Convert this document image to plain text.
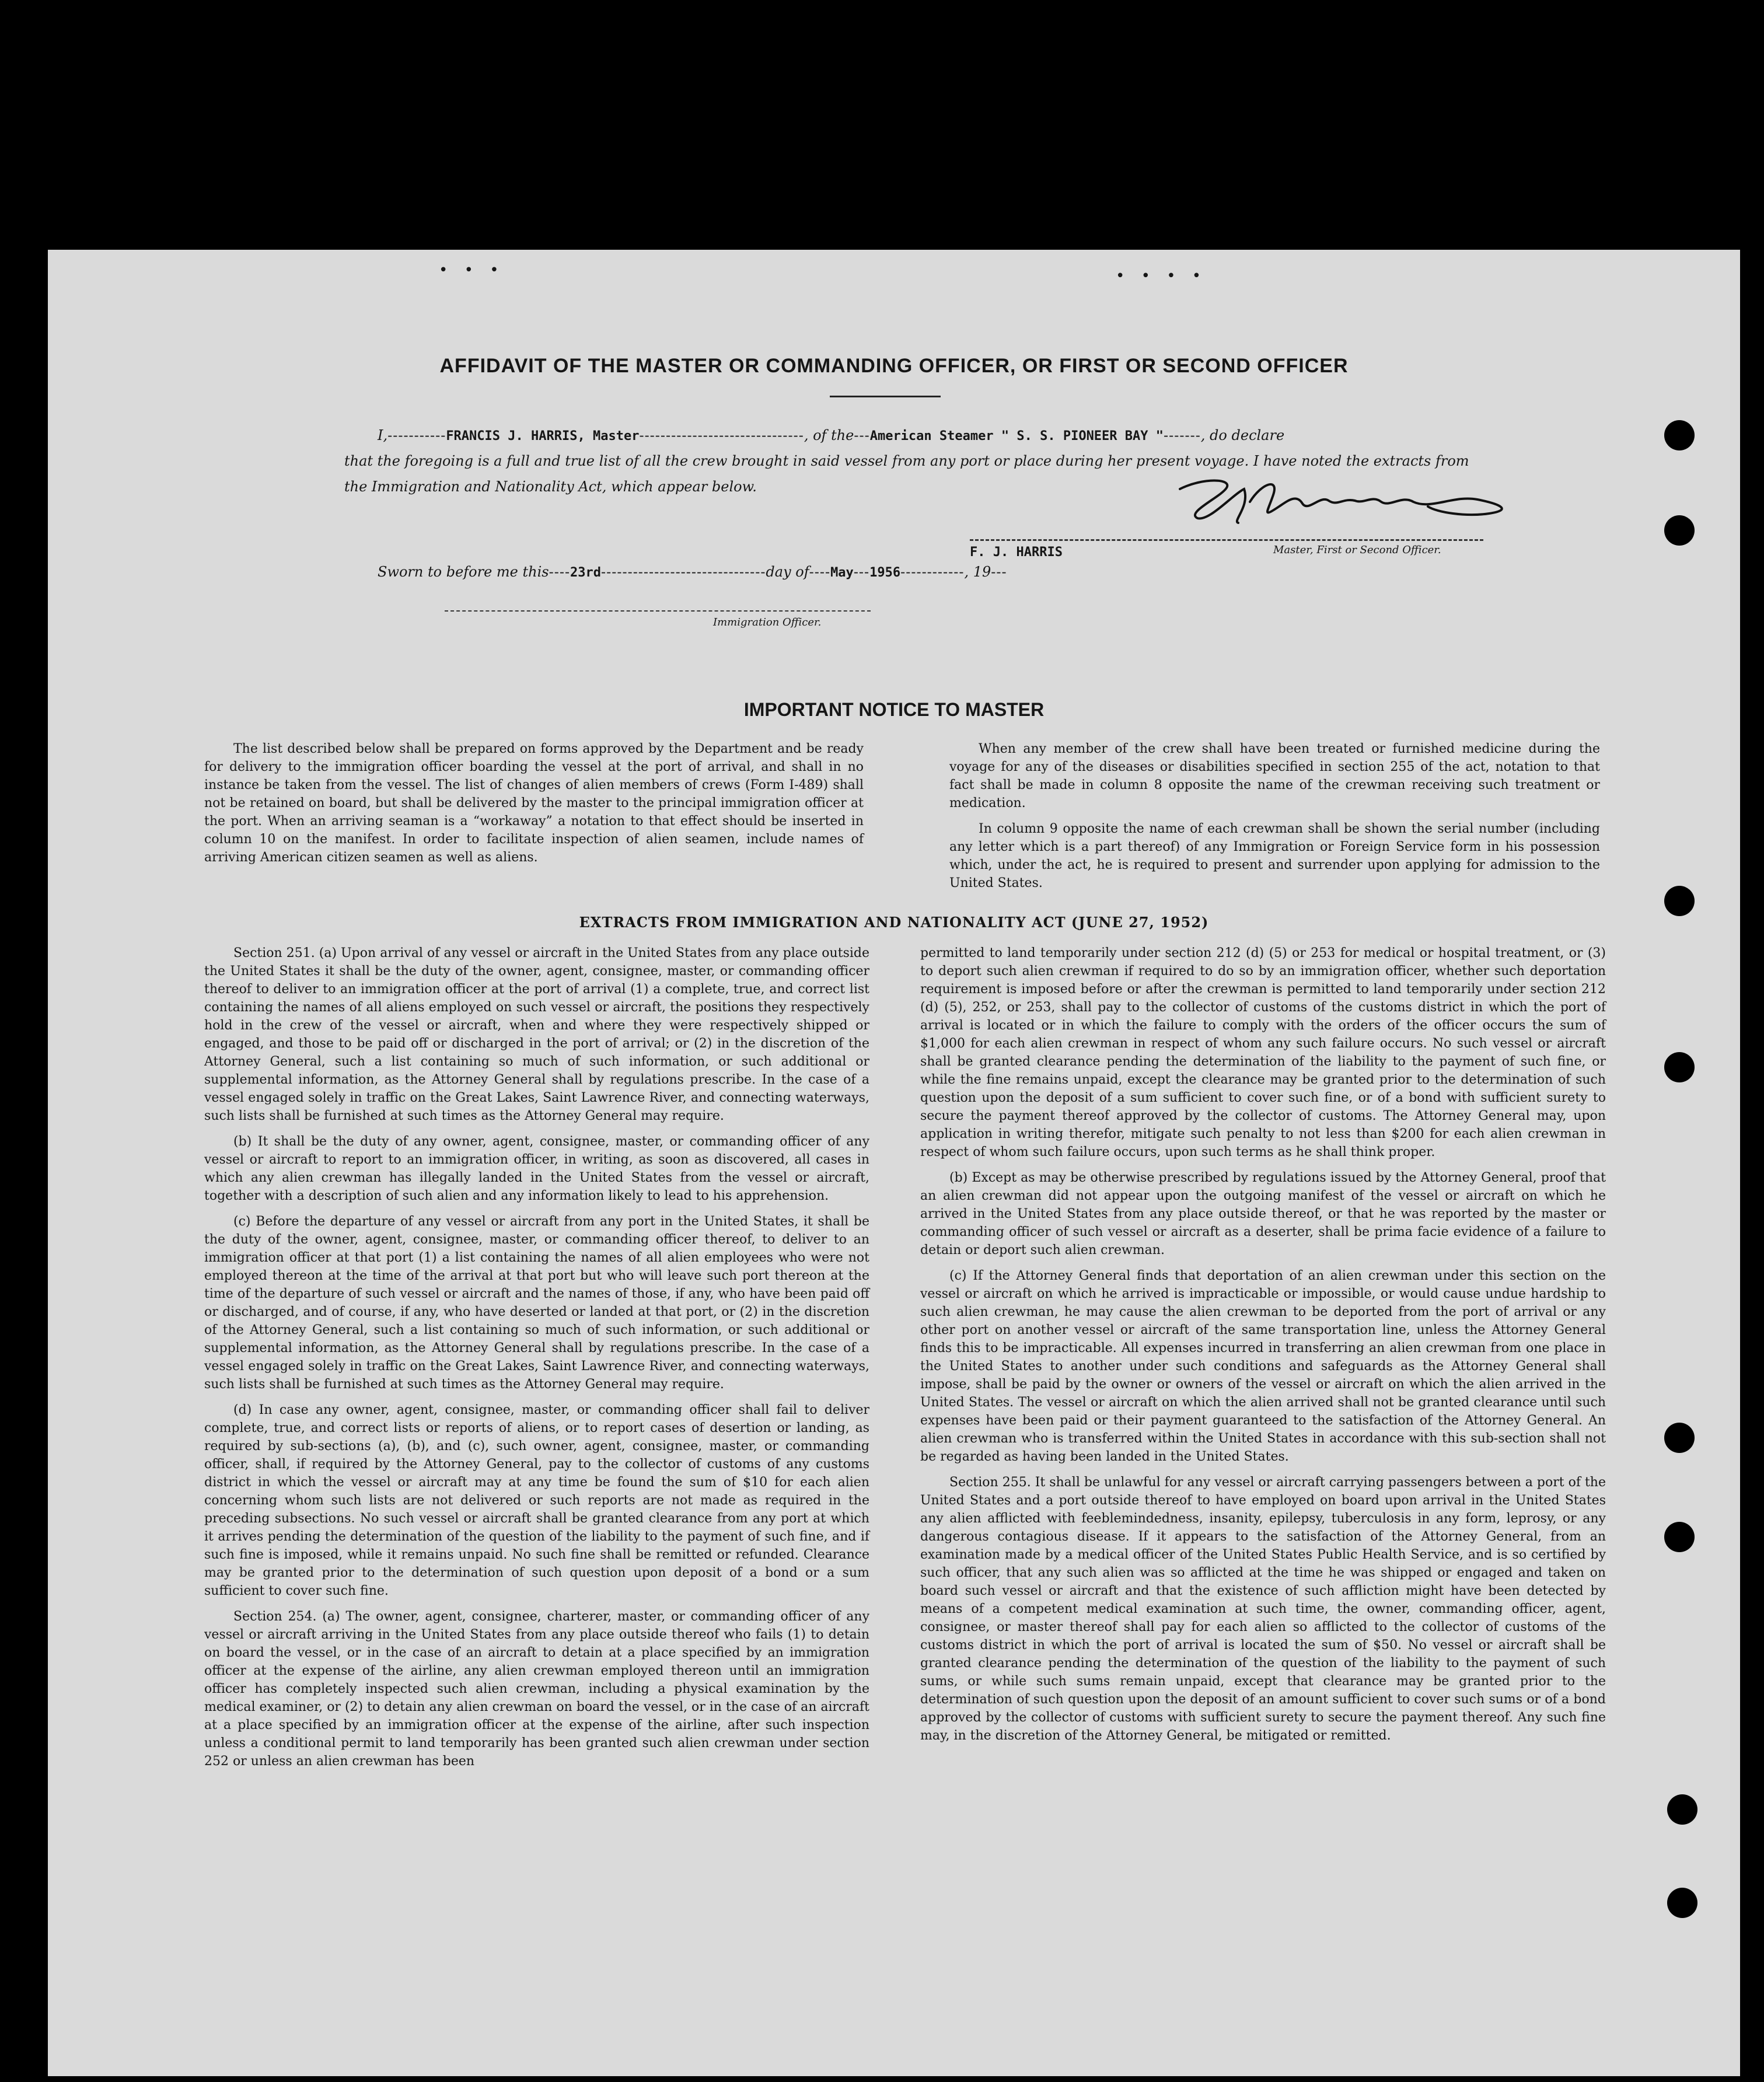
• • •	• • • •
AFFIDAVIT OF THE MASTER OR COMMANDING OFFICER, OR FIRST OR SECOND OFFICER
I,-----------FRANCIS J. HARRIS, Master-------------------------------, of the---American Steamer " S. S. PIONEER BAY "-------, do declare
that the foregoing is a full and true list of all the crew brought in said vessel from any port or place during her present voyage. I have noted the extracts from
the Immigration and Nationality Act, which appear below.
Master, First or Second Officer.
Sworn to before me this----23rd-------------------------------day of----May---1956------------, 19---
F. J. HARRIS
Immigration Officer.
IMPORTANT NOTICE TO MASTER

The list described below shall be prepared on forms approved by the Department and be ready for delivery to the immigration officer boarding the vessel at the port of arrival, and shall in no instance be taken from the vessel. The list of changes of alien members of crews (Form I-489) shall not be retained on board, but shall be delivered by the master to the principal immigration officer at the port. When an arriving seaman is a “workaway” a notation to that effect should be inserted in column 10 on the manifest. In order to facilitate inspection of alien seamen, include names of arriving American citizen seamen as well as aliens.

When any member of the crew shall have been treated or furnished medicine during the voyage for any of the diseases or disabilities specified in section 255 of the act, notation to that fact shall be made in column 8 opposite the name of the crewman receiving such treatment or medication.

In column 9 opposite the name of each crewman shall be shown the serial number (including any letter which is a part thereof) of any Immigration or Foreign Service form in his possession which, under the act, he is required to present and surrender upon applying for admission to the United States.

EXTRACTS FROM IMMIGRATION AND NATIONALITY ACT (JUNE 27, 1952)

Section 251. (a) Upon arrival of any vessel or aircraft in the United States from any place outside the United States it shall be the duty of the owner, agent, consignee, master, or commanding officer thereof to deliver to an immigration officer at the port of arrival (1) a complete, true, and correct list containing the names of all aliens employed on such vessel or aircraft, the positions they respectively hold in the crew of the vessel or aircraft, when and where they were respectively shipped or engaged, and those to be paid off or discharged in the port of arrival; or (2) in the discretion of the Attorney General, such a list containing so much of such information, or such additional or supplemental information, as the Attorney General shall by regulations prescribe. In the case of a vessel engaged solely in traffic on the Great Lakes, Saint Lawrence River, and connecting waterways, such lists shall be furnished at such times as the Attorney General may require.

(b) It shall be the duty of any owner, agent, consignee, master, or commanding officer of any vessel or aircraft to report to an immigration officer, in writing, as soon as discovered, all cases in which any alien crewman has illegally landed in the United States from the vessel or aircraft, together with a description of such alien and any information likely to lead to his apprehension.

(c) Before the departure of any vessel or aircraft from any port in the United States, it shall be the duty of the owner, agent, consignee, master, or commanding officer thereof, to deliver to an immigration officer at that port (1) a list containing the names of all alien employees who were not employed thereon at the time of the arrival at that port but who will leave such port thereon at the time of the departure of such vessel or aircraft and the names of those, if any, who have been paid off or discharged, and of course, if any, who have deserted or landed at that port, or (2) in the discretion of the Attorney General, such a list containing so much of such information, or such additional or supplemental information, as the Attorney General shall by regulations prescribe. In the case of a vessel engaged solely in traffic on the Great Lakes, Saint Lawrence River, and connecting waterways, such lists shall be furnished at such times as the Attorney General may require.

(d) In case any owner, agent, consignee, master, or commanding officer shall fail to deliver complete, true, and correct lists or reports of aliens, or to report cases of desertion or landing, as required by sub-sections (a), (b), and (c), such owner, agent, consignee, master, or commanding officer, shall, if required by the Attorney General, pay to the collector of customs of any customs district in which the vessel or aircraft may at any time be found the sum of $10 for each alien concerning whom such lists are not delivered or such reports are not made as required in the preceding subsections. No such vessel or aircraft shall be granted clearance from any port at which it arrives pending the determination of the question of the liability to the payment of such fine, and if such fine is imposed, while it remains unpaid. No such fine shall be remitted or refunded. Clearance may be granted prior to the determination of such question upon deposit of a bond or a sum sufficient to cover such fine.

Section 254. (a) The owner, agent, consignee, charterer, master, or commanding officer of any vessel or aircraft arriving in the United States from any place outside thereof who fails (1) to detain on board the vessel, or in the case of an aircraft to detain at a place specified by an immigration officer at the expense of the airline, any alien crewman employed thereon until an immigration officer has completely inspected such alien crewman, including a physical examination by the medical examiner, or (2) to detain any alien crewman on board the vessel, or in the case of an aircraft at a place specified by an immigration officer at the expense of the airline, after such inspection unless a conditional permit to land temporarily has been granted such alien crewman under section 252 or unless an alien crewman has been

permitted to land temporarily under section 212 (d) (5) or 253 for medical or hospital treatment, or (3) to deport such alien crewman if required to do so by an immigration officer, whether such deportation requirement is imposed before or after the crewman is permitted to land temporarily under section 212 (d) (5), 252, or 253, shall pay to the collector of customs of the customs district in which the port of arrival is located or in which the failure to comply with the orders of the officer occurs the sum of $1,000 for each alien crewman in respect of whom any such failure occurs. No such vessel or aircraft shall be granted clearance pending the determination of the liability to the payment of such fine, or while the fine remains unpaid, except the clearance may be granted prior to the determination of such question upon the deposit of a sum sufficient to cover such fine, or of a bond with sufficient surety to secure the payment thereof approved by the collector of customs. The Attorney General may, upon application in writing therefor, mitigate such penalty to not less than $200 for each alien crewman in respect of whom such failure occurs, upon such terms as he shall think proper.

(b) Except as may be otherwise prescribed by regulations issued by the Attorney General, proof that an alien crewman did not appear upon the outgoing manifest of the vessel or aircraft on which he arrived in the United States from any place outside thereof, or that he was reported by the master or commanding officer of such vessel or aircraft as a deserter, shall be prima facie evidence of a failure to detain or deport such alien crewman.

(c) If the Attorney General finds that deportation of an alien crewman under this section on the vessel or aircraft on which he arrived is impracticable or impossible, or would cause undue hardship to such alien crewman, he may cause the alien crewman to be deported from the port of arrival or any other port on another vessel or aircraft of the same transportation line, unless the Attorney General finds this to be impracticable. All expenses incurred in transferring an alien crewman from one place in the United States to another under such conditions and safeguards as the Attorney General shall impose, shall be paid by the owner or owners of the vessel or aircraft on which the alien arrived in the United States. The vessel or aircraft on which the alien arrived shall not be granted clearance until such expenses have been paid or their payment guaranteed to the satisfaction of the Attorney General. An alien crewman who is transferred within the United States in accordance with this sub-section shall not be regarded as having been landed in the United States.

Section 255. It shall be unlawful for any vessel or aircraft carrying passengers between a port of the United States and a port outside thereof to have employed on board upon arrival in the United States any alien afflicted with feeblemindedness, insanity, epilepsy, tuberculosis in any form, leprosy, or any dangerous contagious disease. If it appears to the satisfaction of the Attorney General, from an examination made by a medical officer of the United States Public Health Service, and is so certified by such officer, that any such alien was so afflicted at the time he was shipped or engaged and taken on board such vessel or aircraft and that the existence of such affliction might have been detected by means of a competent medical examination at such time, the owner, commanding officer, agent, consignee, or master thereof shall pay for each alien so afflicted to the collector of customs of the customs district in which the port of arrival is located the sum of $50. No vessel or aircraft shall be granted clearance pending the determination of the question of the liability to the payment of such sums, or while such sums remain unpaid, except that clearance may be granted prior to the determination of such question upon the deposit of an amount sufficient to cover such sums or of a bond approved by the collector of customs with sufficient surety to secure the payment thereof. Any such fine may, in the discretion of the Attorney General, be mitigated or remitted.
